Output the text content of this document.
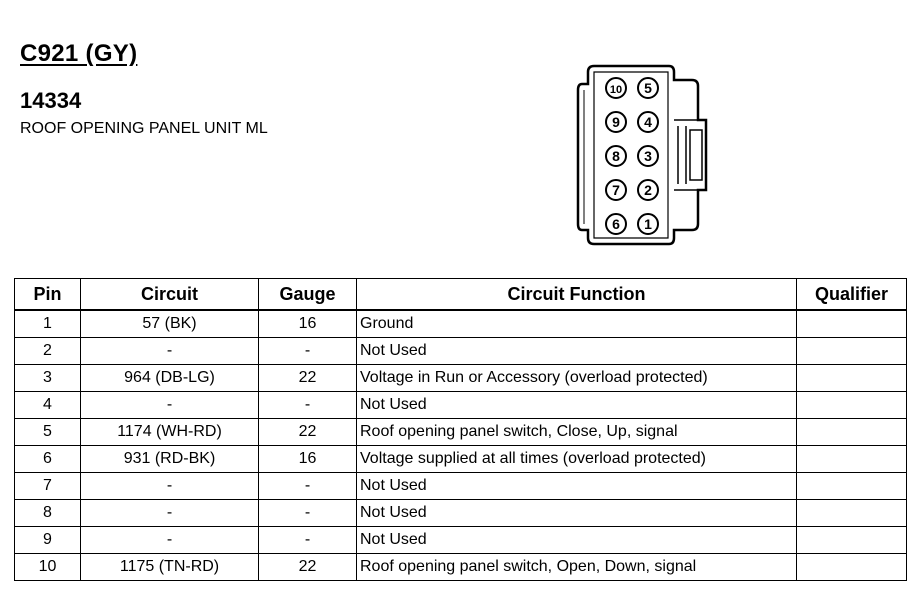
C921 (GY)
14334
ROOF OPENING PANEL UNIT ML
10
9
8
7
6
5
4
3
2
1
Pin	Circuit	Gauge	Circuit Function	Qualifier
1	57 (BK)	16	Ground	
2	-	-	Not Used	
3	964 (DB-LG)	22	Voltage in Run or Accessory (overload protected)	
4	-	-	Not Used	
5	1174 (WH-RD)	22	Roof opening panel switch, Close, Up, signal	
6	931 (RD-BK)	16	Voltage supplied at all times (overload protected)	
7	-	-	Not Used	
8	-	-	Not Used	
9	-	-	Not Used	
10	1175 (TN-RD)	22	Roof opening panel switch, Open, Down, signal	
